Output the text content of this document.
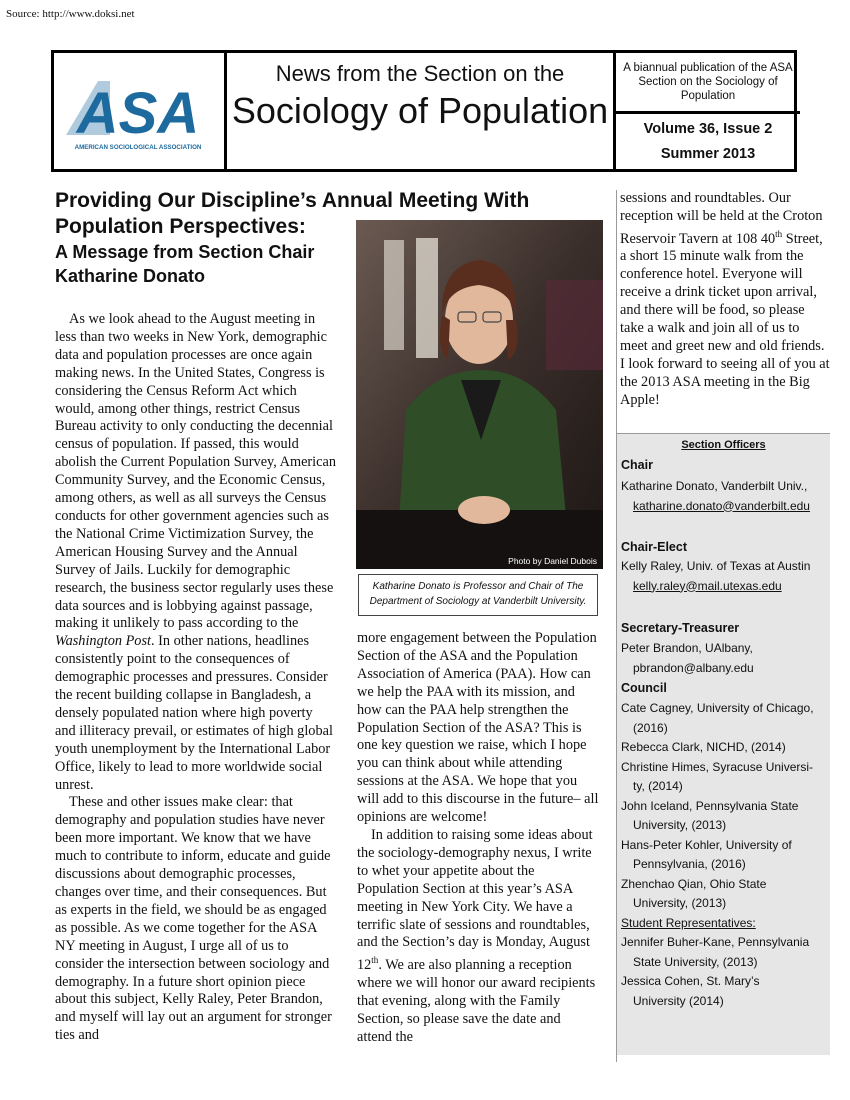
Source: http://www.doksi.net
ASA
AMERICAN SOCIOLOGICAL ASSOCIATION
News from the Section on the
Sociology of Population
A biannual publication of the ASA Section on the Sociology of Population
Volume 36, Issue 2
Summer 2013
Providing Our Discipline’s Annual Meeting With
Population Perspectives:
A Message from Section Chair
Katharine Donato

As we look ahead to the August meeting in less than two weeks in New York, demographic data and population processes are once again making news. In the United States, Congress is considering the Census Reform Act which would, among other things, restrict Census Bureau activity to only conducting the decennial census of population. If passed, this would abolish the Current Population Survey, American Community Survey, and the Economic Census, among others, as well as all surveys the Census conducts for other government agencies such as the National Crime Victimization Survey, the American Housing Survey and the Annual Survey of Jails. Luckily for demographic research, the business sector regularly uses these data sources and is lobbying against passage, making it unlikely to pass according to the Washington Post. In other nations, headlines consistently point to the consequences of demographic processes and pressures. Consider the recent building collapse in Bangladesh, a densely populated nation where high poverty and illiteracy prevail, or estimates of high global youth unemployment by the International Labor Office, likely to lead to more worldwide social unrest.

These and other issues make clear: that demography and population studies have never been more important. We know that we have much to contribute to inform, educate and guide discussions about demographic processes, changes over time, and their consequences. But as experts in the field, we should be as engaged as possible. As we come together for the ASA NY meeting in August, I urge all of us to consider the intersection between sociology and demography. In a future short opinion piece about this subject, Kelly Raley, Peter Brandon, and myself will lay out an argument for stronger ties and

Photo by Daniel Dubois
Katharine Donato is Professor and Chair of The Department of Sociology at Vanderbilt University.

more engagement between the Population Section of the ASA and the Population Association of America (PAA). How can we help the PAA with its mission, and how can the PAA help strengthen the Population Section of the ASA? This is one key question we raise, which I hope you can think about while attending sessions at the ASA. We hope that you will add to this discourse in the future– all opinions are welcome!

In addition to raising some ideas about the sociology-demography nexus, I write to whet your appetite about the Population Section at this year’s ASA meeting in New York City. We have a terrific slate of sessions and roundtables, and the Section’s day is Monday, August 12th. We are also planning a reception where we will honor our award recipients that evening, along with the Family Section, so please save the date and attend the

sessions and roundtables. Our reception will be held at the Croton Reservoir Tavern at 108 40th Street, a short 15 minute walk from the conference hotel. Everyone will receive a drink ticket upon arrival, and there will be food, so please take a walk and join all of us to meet and greet new and old friends. I look forward to seeing all of you at the 2013 ASA meeting in the Big Apple!

Section Officers
Chair
Katharine Donato, Vanderbilt Univ.,
katharine.donato@vanderbilt.edu
Chair-Elect
Kelly Raley, Univ. of Texas at Austin
kelly.raley@mail.utexas.edu
Secretary-Treasurer
Peter Brandon, UAlbany,
pbrandon@albany.edu
Council
Cate Cagney, University of Chicago,
(2016)
Rebecca Clark, NICHD, (2014)
Christine Himes, Syracuse Universi-
ty, (2014)
John Iceland, Pennsylvania State
University, (2013)
Hans-Peter Kohler, University of
Pennsylvania, (2016)
Zhenchao Qian, Ohio State
University, (2013)
Student Representatives:
Jennifer Buher-Kane, Pennsylvania
State University, (2013)
Jessica Cohen, St. Mary’s
University (2014)
